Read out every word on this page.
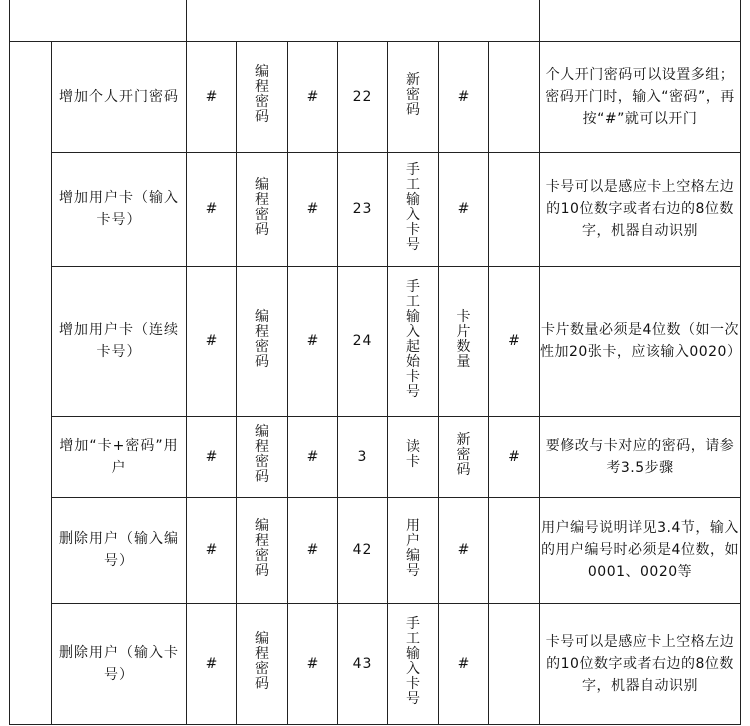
	增加个人开门密码	#	编程密码	#	22	新密码	#		个人开门密码可以设置多组；密码开门时，输入“密码”，再按“#”就可以开门
	增加用户卡（输入卡号）	#	编程密码	#	23	手工输入卡号	#		卡号可以是感应卡上空格左边的10位数字或者右边的8位数字，机器自动识别
	增加用户卡（连续卡号）	#	编程密码	#	24	手工输入起始卡号	卡片数量	#	卡片数量必须是4位数（如一次性加20张卡，应该输入0020）
	增加“卡+密码”用户	#	编程密码	#	3	读卡	新密码	#	要修改与卡对应的密码，请参考3.5步骤
	删除用户（输入编号）	#	编程密码	#	42	用户编号	#		用户编号说明详见3.4节，输入的用户编号时必须是4位数，如0001、0020等
	删除用户（输入卡号）	#	编程密码	#	43	手工输入卡号	#		卡号可以是感应卡上空格左边的10位数字或者右边的8位数字，机器自动识别
